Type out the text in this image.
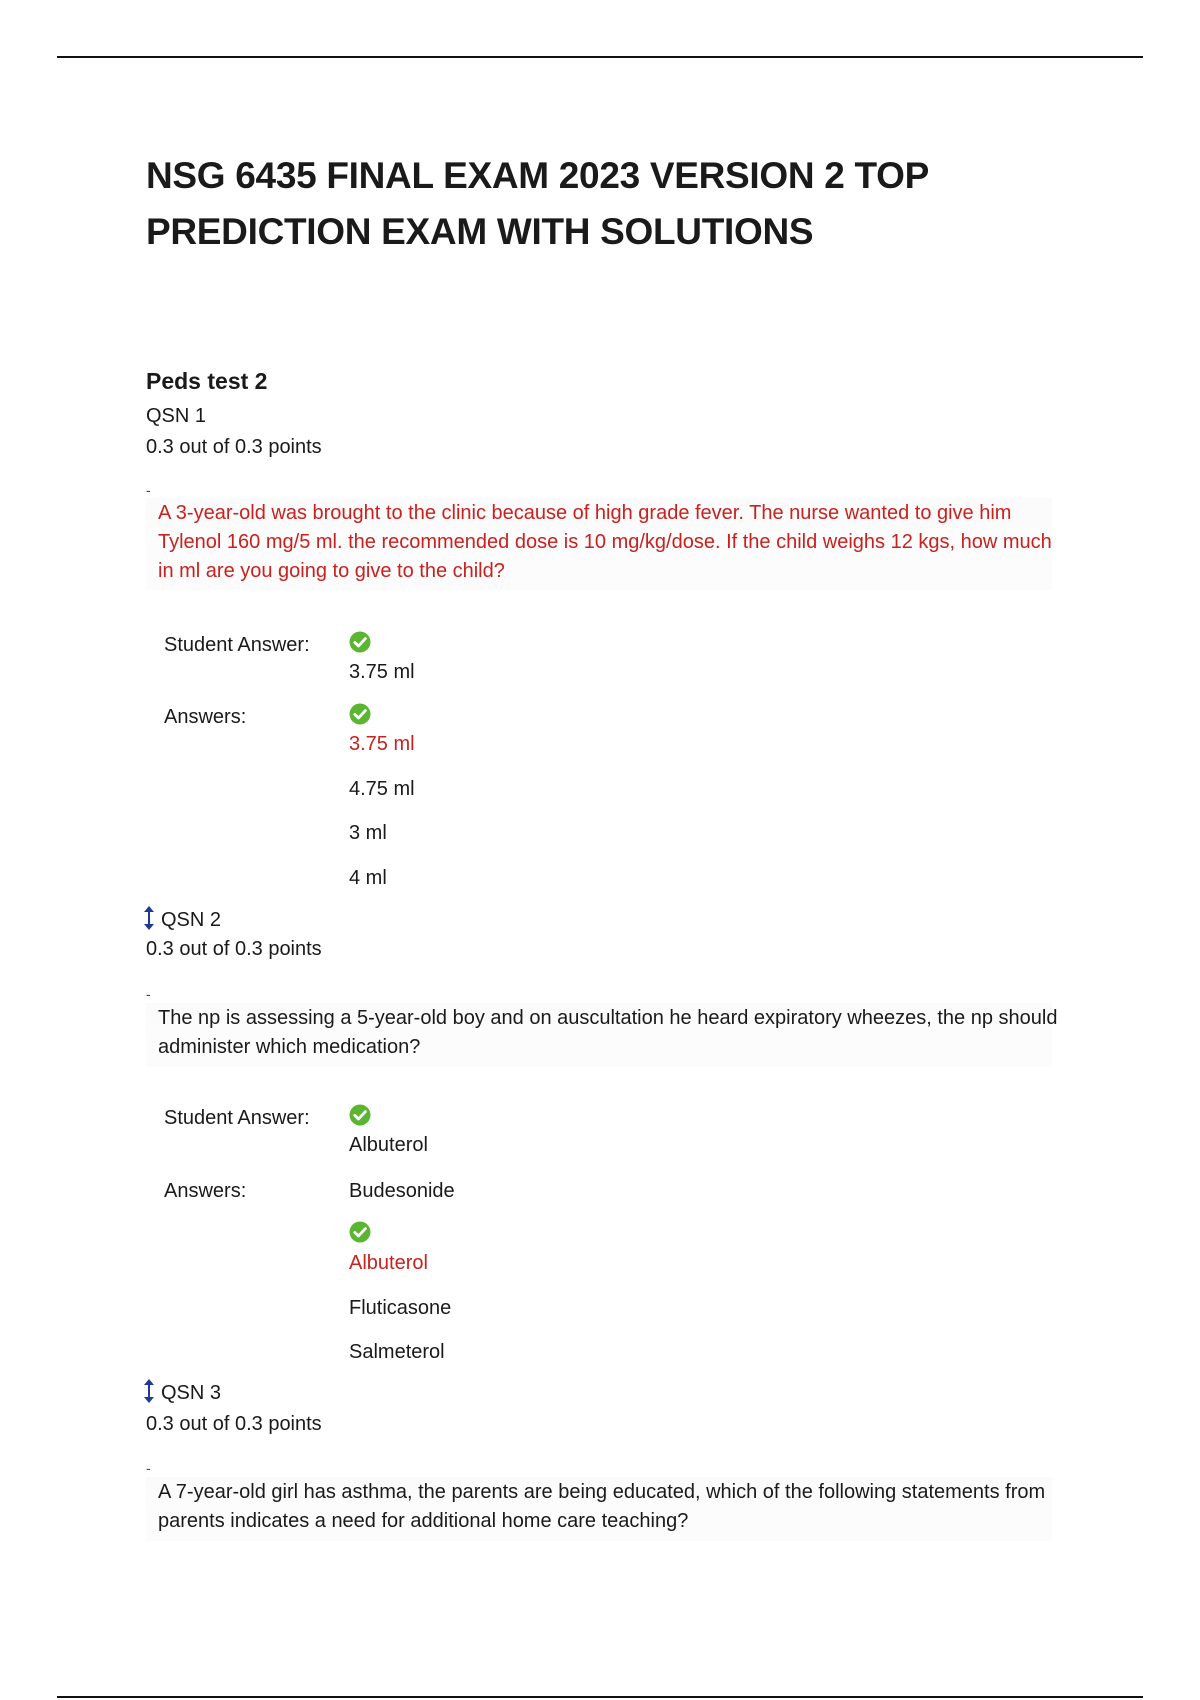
NSG 6435 FINAL EXAM 2023 VERSION 2 TOP
PREDICTION EXAM WITH SOLUTIONS
Peds test 2
QSN 1
0.3 out of 0.3 points
-
A 3-year-old was brought to the clinic because of high grade fever. The nurse wanted to give him Tylenol 160 mg/5 ml. the recommended dose is 10 mg/kg/dose. If the child weighs 12 kgs, how much in ml are you going to give to the child?
Student Answer:
3.75 ml
Answers:
3.75 ml
4.75 ml
3 ml
4 ml
QSN 2
0.3 out of 0.3 points
-
The np is assessing a 5-year-old boy and on auscultation he heard expiratory wheezes, the np should administer which medication?
Student Answer:
Albuterol
Answers:	Budesonide
Albuterol
Fluticasone
Salmeterol
QSN 3
0.3 out of 0.3 points
-
A 7-year-old girl has asthma, the parents are being educated, which of the following statements from parents indicates a need for additional home care teaching?
